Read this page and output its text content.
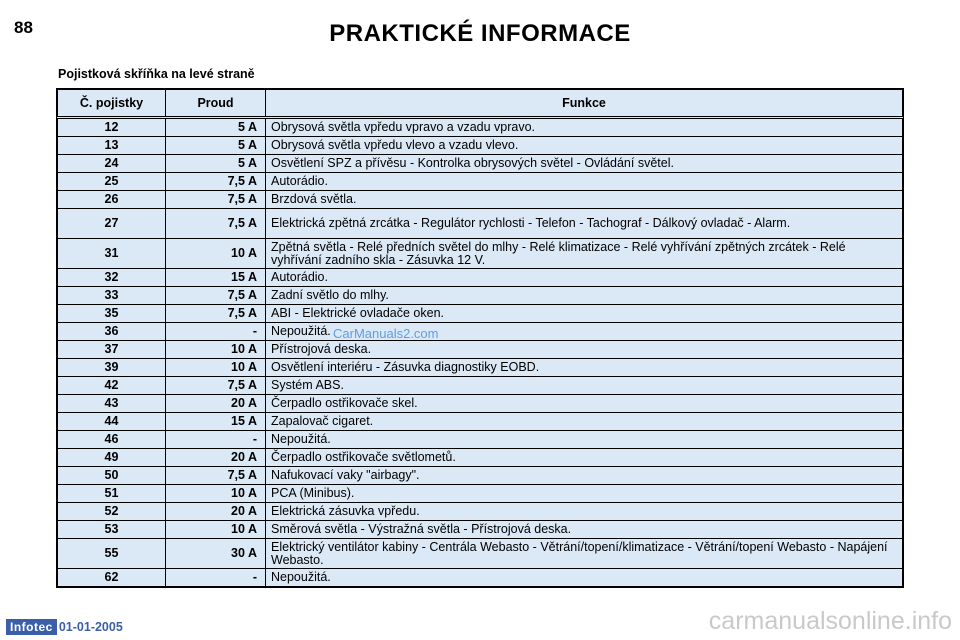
88	PRAKTICKÉ INFORMACE
Pojistková skříňka na levé straně
Č. pojistky	Proud	Funkce
12	5 A	Obrysová světla vpředu vpravo a vzadu vpravo.
13	5 A	Obrysová světla vpředu vlevo a vzadu vlevo.
24	5 A	Osvětlení SPZ a přívěsu - Kontrolka obrysových světel - Ovládání světel.
25	7,5 A	Autorádio.
26	7,5 A	Brzdová světla.
27	7,5 A	Elektrická zpětná zrcátka - Regulátor rychlosti - Telefon - Tachograf - Dálkový ovladač - Alarm.
31	10 A	Zpětná světla - Relé předních světel do mlhy - Relé klimatizace - Relé vyhřívání zpětných zrcátek - Relé vyhřívání zadního skla - Zásuvka 12 V.
32	15 A	Autorádio.
33	7,5 A	Zadní světlo do mlhy.
35	7,5 A	ABI - Elektrické ovladače oken.
36	-	Nepoužitá.
37	10 A	Přístrojová deska.
39	10 A	Osvětlení interiéru - Zásuvka diagnostiky EOBD.
42	7,5 A	Systém ABS.
43	20 A	Čerpadlo ostřikovače skel.
44	15 A	Zapalovač cigaret.
46	-	Nepoužitá.
49	20 A	Čerpadlo ostřikovače světlometů.
50	7,5 A	Nafukovací vaky "airbagy".
51	10 A	PCA (Minibus).
52	20 A	Elektrická zásuvka vpředu.
53	10 A	Směrová světla - Výstražná světla - Přístrojová deska.
55	30 A	Elektrický ventilátor kabiny - Centrála Webasto - Větrání/topení/klimatizace - Větrání/topení Webasto - Napájení Webasto.
62	-	Nepoužitá.
CarManuals2.com
Infotec 01-01-2005	carmanualsonline.info
